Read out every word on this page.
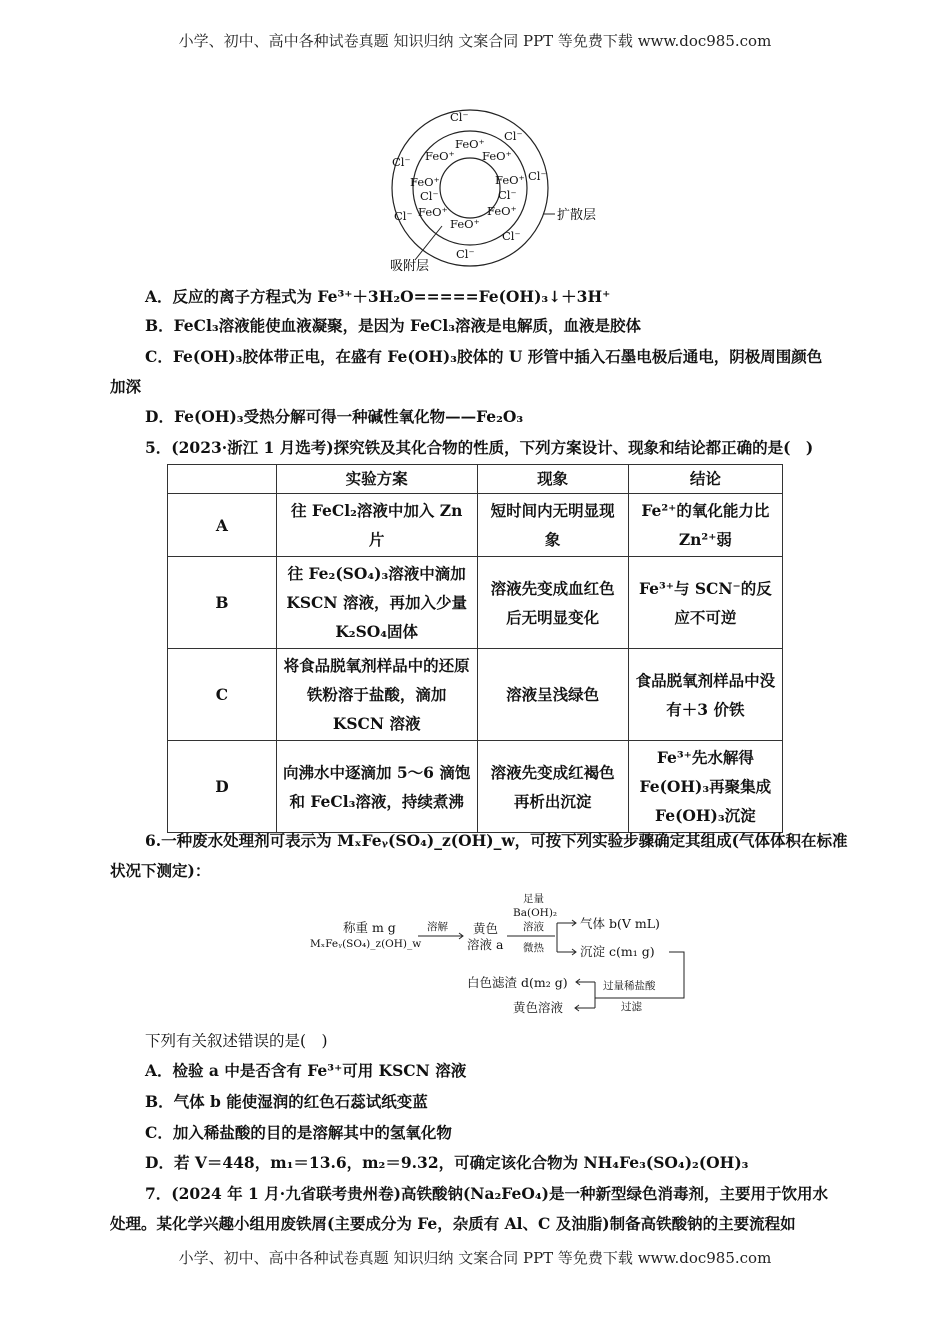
小学、初中、高中各种试卷真题 知识归纳 文案合同 PPT 等免费下载 www.doc985.com
FeO⁺
FeO⁺ FeO⁺
FeO⁺	FeO⁺
FeO⁺	FeO⁺
FeO⁺
Cl⁻
Cl⁻
Cl⁻
Cl⁻
Cl⁻	Cl⁻
Cl⁻
Cl⁻
Cl⁻
扩散层
吸附层
A．反应的离子方程式为 Fe³⁺＋3H₂O=====Fe(OH)₃↓＋3H⁺
B．FeCl₃溶液能使血液凝聚，是因为 FeCl₃溶液是电解质，血液是胶体
C．Fe(OH)₃胶体带正电，在盛有 Fe(OH)₃胶体的 U 形管中插入石墨电极后通电，阴极周围颜色
加深
D．Fe(OH)₃受热分解可得一种碱性氧化物——Fe₂O₃
5．(2023·浙江 1 月选考)探究铁及其化合物的性质，下列方案设计、现象和结论都正确的是(　)
	实验方案	现象	结论
A	往 FeCl₂溶液中加入 Zn 片	短时间内无明显现象	Fe²⁺的氧化能力比 Zn²⁺弱
B	往 Fe₂(SO₄)₃溶液中滴加 KSCN 溶液，再加入少量 K₂SO₄固体	溶液先变成血红色后无明显变化	Fe³⁺与 SCN⁻的反应不可逆
C	将食品脱氧剂样品中的还原铁粉溶于盐酸，滴加 KSCN 溶液	溶液呈浅绿色	食品脱氧剂样品中没有＋3 价铁
D	向沸水中逐滴加 5～6 滴饱和 FeCl₃溶液，持续煮沸	溶液先变成红褐色再析出沉淀	Fe³⁺先水解得 Fe(OH)₃再聚集成 Fe(OH)₃沉淀
6.一种废水处理剂可表示为 MₓFeᵧ(SO₄)_z(OH)_w，可按下列实验步骤确定其组成(气体体积在标准
状况下测定)：
称重 m g
MₓFeᵧ(SO₄)_z(OH)_w
溶解 黄色
溶液 a
足量
Ba(OH)₂
溶液
微热
气体 b(V mL)
沉淀 c(m₁ g)
白色滤渣 d(m₂ g)	过量稀盐酸
黄色溶液	过滤
下列有关叙述错误的是(　)
A．检验 a 中是否含有 Fe³⁺可用 KSCN 溶液
B．气体 b 能使湿润的红色石蕊试纸变蓝
C．加入稀盐酸的目的是溶解其中的氢氧化物
D．若 V＝448，m₁＝13.6，m₂＝9.32，可确定该化合物为 NH₄Fe₃(SO₄)₂(OH)₃
7．(2024 年 1 月·九省联考贵州卷)高铁酸钠(Na₂FeO₄)是一种新型绿色消毒剂，主要用于饮用水
处理。某化学兴趣小组用废铁屑(主要成分为 Fe，杂质有 Al、C 及油脂)制备高铁酸钠的主要流程如
小学、初中、高中各种试卷真题 知识归纳 文案合同 PPT 等免费下载 www.doc985.com
